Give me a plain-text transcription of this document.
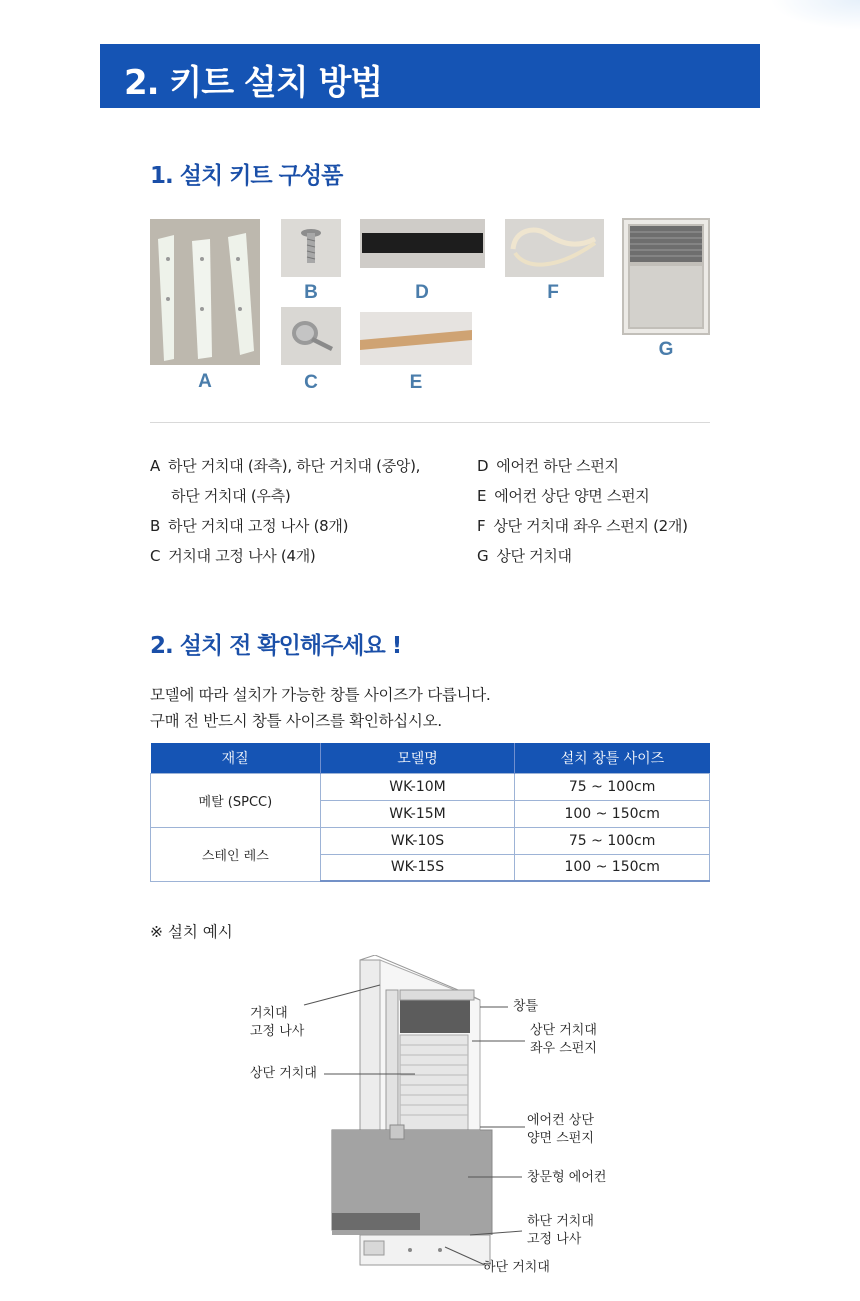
2. 키트 설치 방법
1. 설치 키트 구성품
A
B
C
D
E
F
G
A 하단 거치대 (좌측), 하단 거치대 (중앙),
하단 거치대 (우측)
B 하단 거치대 고정 나사 (8개)
C 거치대 고정 나사 (4개)
D 에어컨 하단 스펀지
E 에어컨 상단 양면 스펀지
F 상단 거치대 좌우 스펀지 (2개)
G 상단 거치대
2. 설치 전 확인해주세요 !
모델에 따라 설치가 가능한 창틀 사이즈가 다릅니다.
구매 전 반드시 창틀 사이즈를 확인하십시오.
재질	모델명	설치 창틀 사이즈
메탈 (SPCC)	WK-10M	75 ~ 100cm
	WK-15M	100 ~ 150cm
스테인 레스	WK-10S	75 ~ 100cm
	WK-15S	100 ~ 150cm
※ 설치 예시
거치대
고정 나사
상단 거치대
창틀
상단 거치대
좌우 스펀지
에어컨 상단
양면 스펀지
창문형 에어컨
하단 거치대
고정 나사
하단 거치대
